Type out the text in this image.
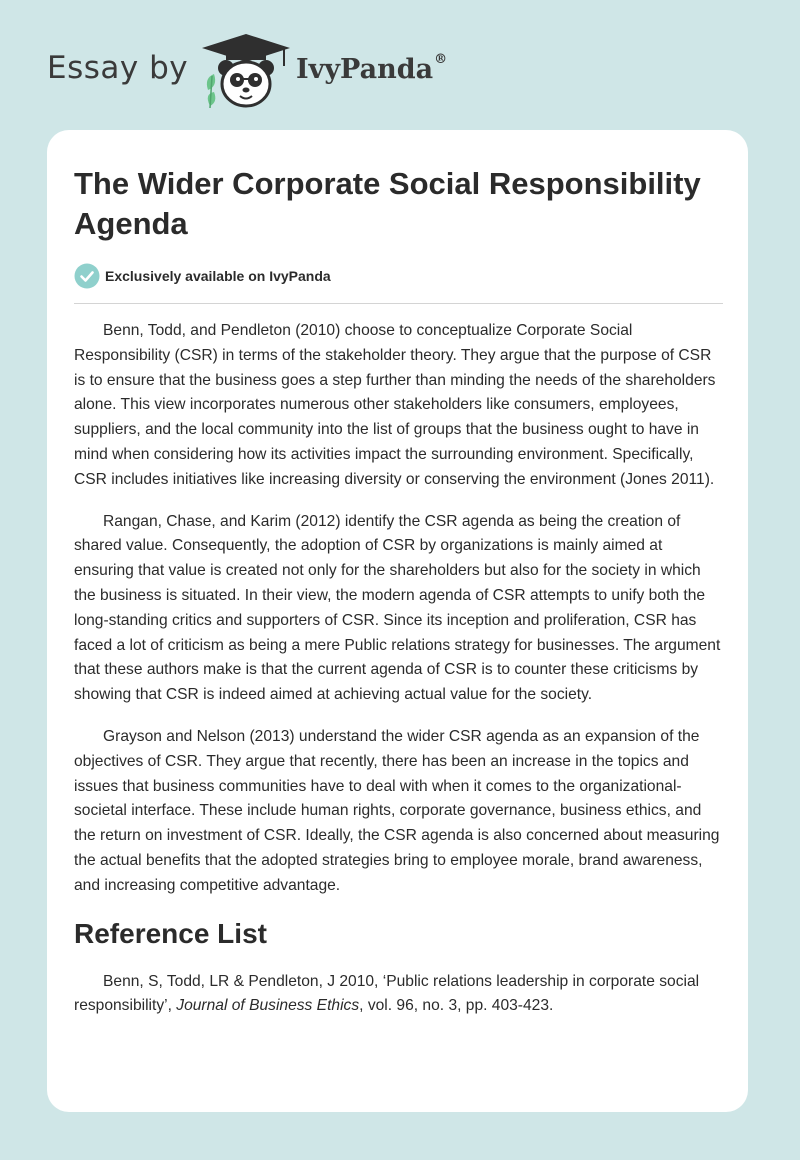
Essay by	IvyPanda®
The Wider Corporate Social Responsibility Agenda
Exclusively available on IvyPanda

Benn, Todd, and Pendleton (2010) choose to conceptualize Corporate Social Responsibility (CSR) in terms of the stakeholder theory. They argue that the purpose of CSR is to ensure that the business goes a step further than minding the needs of the shareholders alone. This view incorporates numerous other stakeholders like consumers, employees, suppliers, and the local community into the list of groups that the business ought to have in mind when considering how its activities impact the surrounding environment. Specifically, CSR includes initiatives like increasing diversity or conserving the environment (Jones 2011).

Rangan, Chase, and Karim (2012) identify the CSR agenda as being the creation of shared value. Consequently, the adoption of CSR by organizations is mainly aimed at ensuring that value is created not only for the shareholders but also for the society in which the business is situated. In their view, the modern agenda of CSR attempts to unify both the long-standing critics and supporters of CSR. Since its inception and proliferation, CSR has faced a lot of criticism as being a mere Public relations strategy for businesses. The argument that these authors make is that the current agenda of CSR is to counter these criticisms by showing that CSR is indeed aimed at achieving actual value for the society.

Grayson and Nelson (2013) understand the wider CSR agenda as an expansion of the objectives of CSR. They argue that recently, there has been an increase in the topics and issues that business communities have to deal with when it comes to the organizational-societal interface. These include human rights, corporate governance, business ethics, and the return on investment of CSR. Ideally, the CSR agenda is also concerned about measuring the actual benefits that the adopted strategies bring to employee morale, brand awareness, and increasing competitive advantage.

Reference List

Benn, S, Todd, LR & Pendleton, J 2010, ‘Public relations leadership in corporate social responsibility’, Journal of Business Ethics, vol. 96, no. 3, pp. 403-423.
